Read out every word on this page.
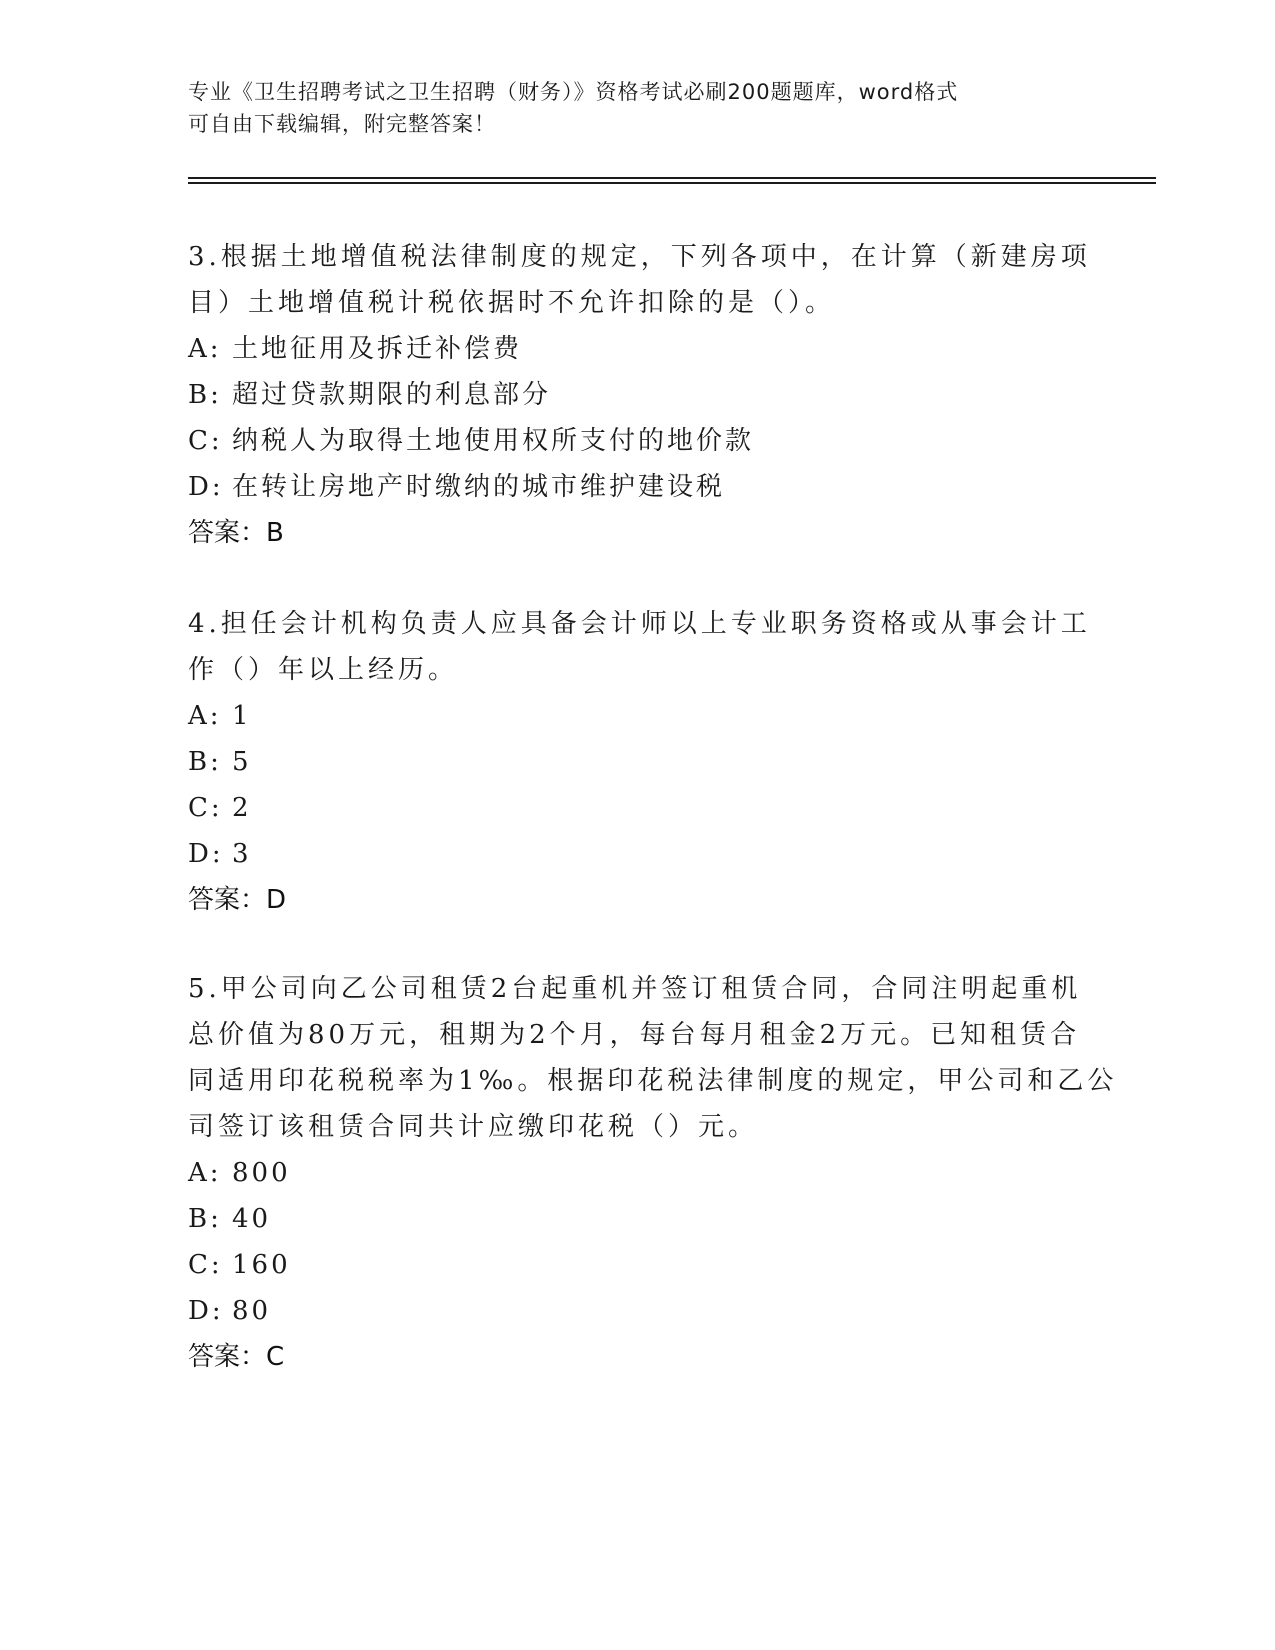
专业《卫生招聘考试之卫生招聘（财务）》资格考试必刷200题题库，word格式
可自由下载编辑，附完整答案！
3.根据土地增值税法律制度的规定，下列各项中，在计算（新建房项
目）土地增值税计税依据时不允许扣除的是（）。
A: 土地征用及拆迁补偿费
B: 超过贷款期限的利息部分
C: 纳税人为取得土地使用权所支付的地价款
D: 在转让房地产时缴纳的城市维护建设税
答案：B
4.担任会计机构负责人应具备会计师以上专业职务资格或从事会计工
作（）年以上经历。
A: 1
B: 5
C: 2
D: 3
答案：D
5.甲公司向乙公司租赁2台起重机并签订租赁合同，合同注明起重机
总价值为80万元，租期为2个月，每台每月租金2万元。已知租赁合
同适用印花税税率为1‰。根据印花税法律制度的规定，甲公司和乙公
司签订该租赁合同共计应缴印花税（）元。
A: 800
B: 40
C: 160
D: 80
答案：C
